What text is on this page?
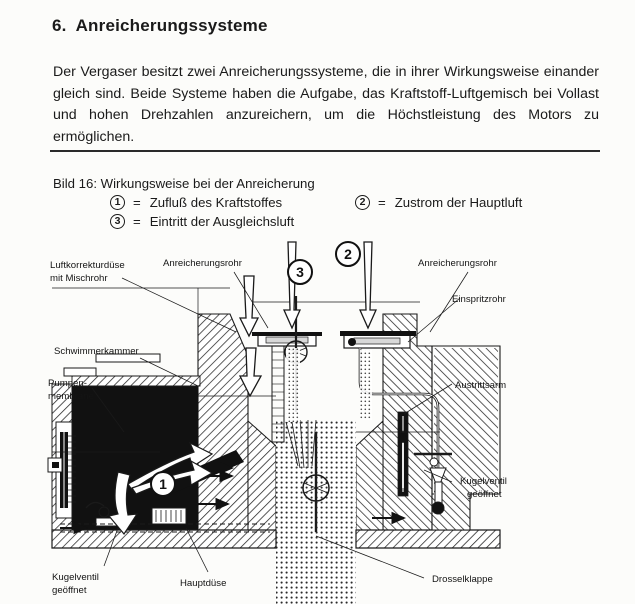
6. Anreicherungssysteme

Der Vergaser besitzt zwei Anreicherungssysteme, die in ihrer Wirkungsweise einander gleich sind. Beide Systeme haben die Aufgabe, das Kraftstoff-Luftgemisch bei Vollast und hohen Drehzahlen anzureichern, um die Höchstleistung des Motors zu ermöglichen.

Bild 16: Wirkungsweise bei der Anreicherung
1 = Zufluß des Kraftstoffes	2 = Zustrom der Hauptluft
3 = Eintritt der Ausgleichsluft
2
3
1
Luftkorrekturdüse
mit Mischrohr
Anreicherungsrohr	Anreicherungsrohr
Einspritzrohr
Schwimmerkammer
Pumpen-
membrane
Austrittsarm
Kugelventil
geöffnet
Kugelventil
geöffnet
Hauptdüse	Drosselklappe
